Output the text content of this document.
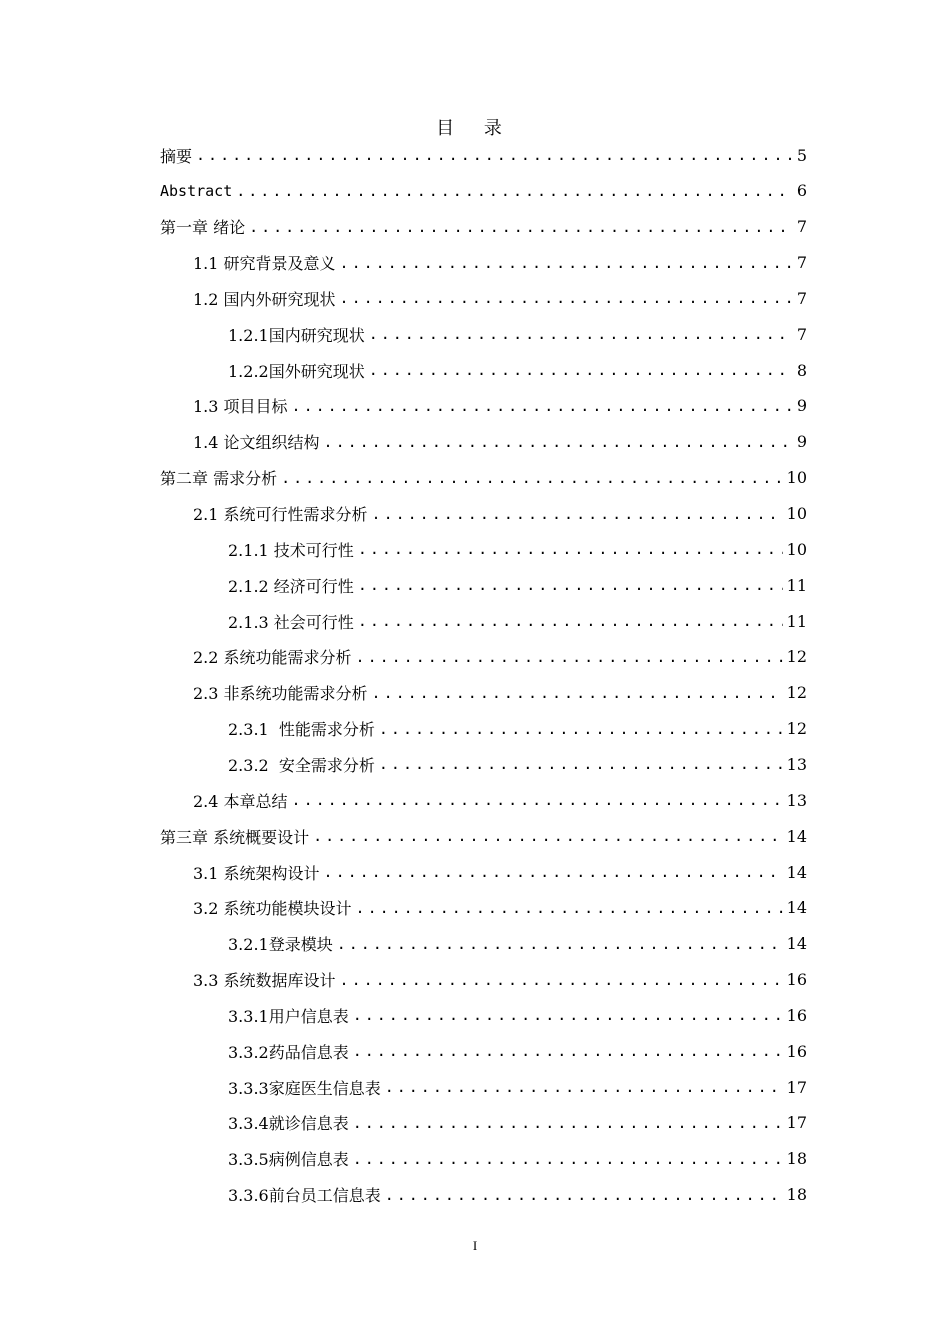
目 录
摘要 .....	5
Abstract .....	6
第一章 绪论 .....	7
1.1 研究背景及意义 .....	7
1.2 国内外研究现状 .....	7
1.2.1国内研究现状 .....	7
1.2.2国外研究现状 .....	8
1.3 项目目标 .....	9
1.4 论文组织结构 .....	9
第二章 需求分析 .....	10
2.1 系统可行性需求分析 .....	10
2.1.1 技术可行性 .....	10
2.1.2 经济可行性 .....	11
2.1.3 社会可行性 .....	11
2.2 系统功能需求分析 .....	12
2.3 非系统功能需求分析 .....	12
2.3.1  性能需求分析 .....	12
2.3.2  安全需求分析 .....	13
2.4 本章总结 .....	13
第三章 系统概要设计 .....	14
3.1 系统架构设计 .....	14
3.2 系统功能模块设计 .....	14
3.2.1登录模块 .....	14
3.3 系统数据库设计 .....	16
3.3.1用户信息表 .....	16
3.3.2药品信息表 .....	16
3.3.3家庭医生信息表 .....	17
3.3.4就诊信息表 .....	17
3.3.5病例信息表 .....	18
3.3.6前台员工信息表 .....	18
I
